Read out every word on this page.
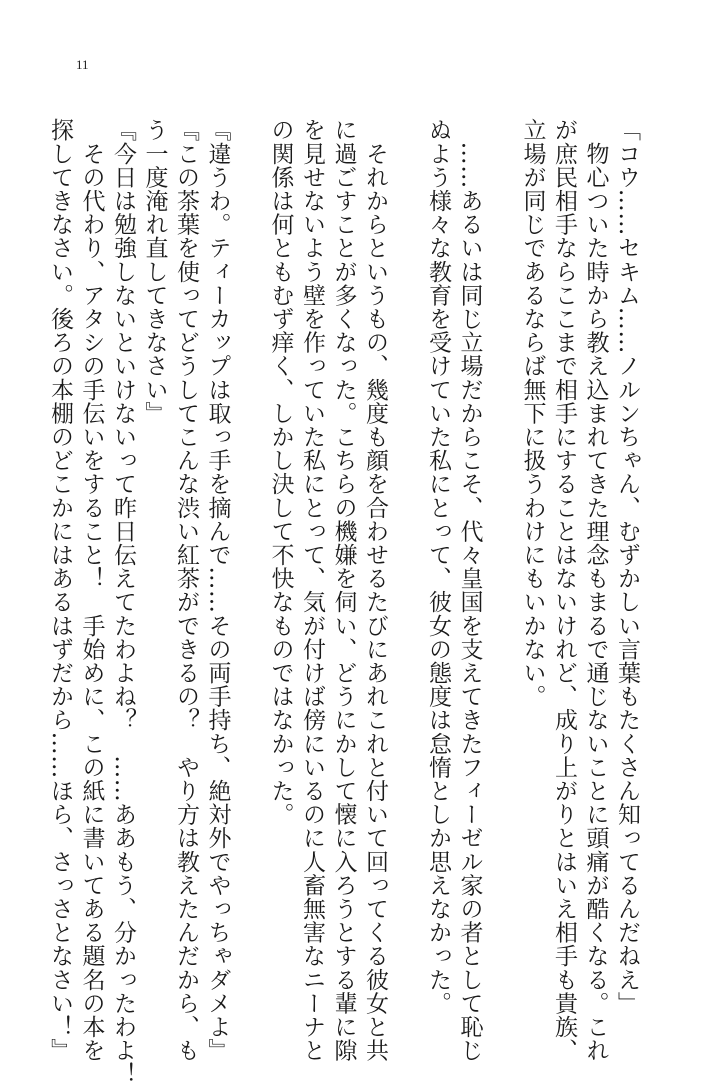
11
「コウ……セキム……ノルンちゃん、むずかしい言葉もたくさん知ってるんだねえ」
　物心ついた時から教え込まれてきた理念もまるで通じないことに頭痛が酷くなる。これ
が庶民相手ならここまで相手にすることはないけれど、成り上がりとはいえ相手も貴族、
立場が同じであるならば無下に扱うわけにもいかない。

　……あるいは同じ立場だからこそ、代々皇国を支えてきたフィーゼル家の者として恥じ
ぬよう様々な教育を受けていた私にとって、彼女の態度は怠惰としか思えなかった。

　それからというもの、幾度も顔を合わせるたびにあれこれと付いて回ってくる彼女と共
に過ごすことが多くなった。こちらの機嫌を伺い、どうにかして懐に入ろうとする輩に隙
を見せないよう壁を作っていた私にとって、気が付けば傍にいるのに人畜無害なニーナと
の関係は何ともむず痒く、しかし決して不快なものではなかった。

『違うわ。ティーカップは取っ手を摘んで……その両手持ち、絶対外でやっちゃダメよ』
『この茶葉を使ってどうしてこんな渋い紅茶ができるの？　やり方は教えたんだから、も
う一度淹れ直してきなさい』
『今日は勉強しないといけないって昨日伝えてたわよね？　……ああもう、分かったわよ！
　その代わり、アタシの手伝いをすること！　手始めに、この紙に書いてある題名の本を
探してきなさい。後ろの本棚のどこかにはあるはずだから……ほら、さっさとなさい！』
